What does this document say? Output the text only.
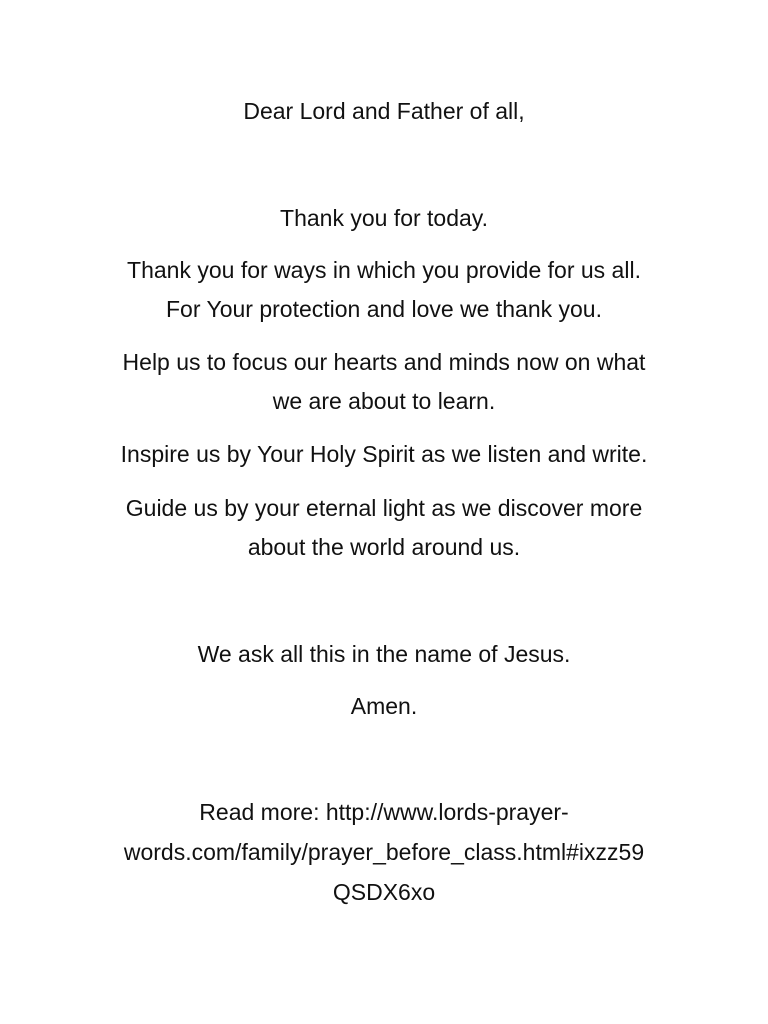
Dear Lord and Father of all,
Thank you for today.
Thank you for ways in which you provide for us all.
For Your protection and love we thank you.
Help us to focus our hearts and minds now on what
we are about to learn.
Inspire us by Your Holy Spirit as we listen and write.
Guide us by your eternal light as we discover more
about the world around us.
We ask all this in the name of Jesus.
Amen.
Read more: http://www.lords-prayer-
words.com/family/prayer_before_class.html#ixzz59
QSDX6xo
